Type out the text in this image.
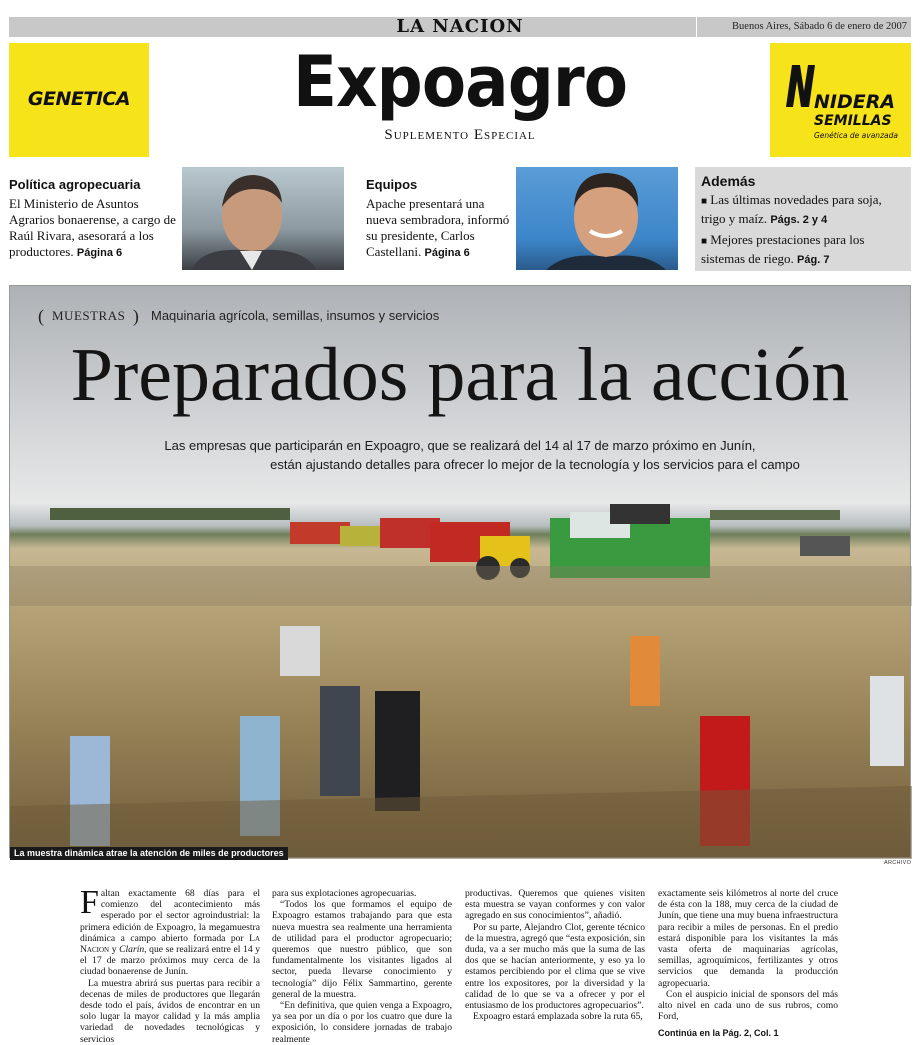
LA NACION	Buenos Aires, Sábado 6 de enero de 2007
GENETICA	Expoagro
Suplemento Especial
NIDERA
SEMILLAS
Genética de avanzada
Política agropecuaria
El Ministerio de Asuntos Agrarios bonaerense, a cargo de Raúl Rivara, asesorará a los productores. Página 6
Equipos
Apache presentará una nueva sembradora, informó su presidente, Carlos Castellani. Página 6
Además
■ Las últimas novedades para soja, trigo y maíz. Págs. 2 y 4
■ Mejores prestaciones para los sistemas de riego. Pág. 7
( MUESTRAS ) Maquinaria agrícola, semillas, insumos y servicios
Preparados para la acción
Las empresas que participarán en Expoagro, que se realizará del 14 al 17 de marzo próximo en Junín,
están ajustando detalles para ofrecer lo mejor de la tecnología y los servicios para el campo
La muestra dinámica atrae la atención de miles de productores
ARCHIVO

Faltan exactamente 68 días para el comienzo del acontecimiento más esperado por el sector agroindustrial: la primera edición de Expoagro, la megamuestra dinámica a campo abierto formada por La Nacion y Clarín, que se realizará entre el 14 y el 17 de marzo próximos muy cerca de la ciudad bonaerense de Junín.

La muestra abrirá sus puertas para recibir a decenas de miles de productores que llegarán desde todo el país, ávidos de encontrar en un solo lugar la mayor calidad y la más amplia variedad de novedades tecnológicas y servicios

para sus explotaciones agropecuarias.

“Todos los que formamos el equipo de Expoagro estamos trabajando para que esta nueva muestra sea realmente una herramienta de utilidad para el productor agropecuario; queremos que nuestro público, que son fundamentalmente los visitantes ligados al sector, pueda llevarse conocimiento y tecnología” dijo Félix Sammartino, gerente general de la muestra.

“En definitiva, que quien venga a Expoagro, ya sea por un día o por los cuatro que dure la exposición, lo considere jornadas de trabajo realmente

productivas. Queremos que quienes visiten esta muestra se vayan conformes y con valor agregado en sus conocimientos”, añadió.

Por su parte, Alejandro Clot, gerente técnico de la muestra, agregó que “esta exposición, sin duda, va a ser mucho más que la suma de las dos que se hacían anteriormente, y eso ya lo estamos percibiendo por el clima que se vive entre los expositores, por la diversidad y la calidad de lo que se va a ofrecer y por el entusiasmo de los productores agropecuarios”.

Expoagro estará emplazada sobre la ruta 65,

exactamente seis kilómetros al norte del cruce de ésta con la 188, muy cerca de la ciudad de Junín, que tiene una muy buena infraestructura para recibir a miles de personas. En el predio estará disponible para los visitantes la más vasta oferta de maquinarias agrícolas, semillas, agroquímicos, fertilizantes y otros servicios que demanda la producción agropecuaria.

Con el auspicio inicial de sponsors del más alto nivel en cada uno de sus rubros, como Ford,

Continúa en la Pág. 2, Col. 1
